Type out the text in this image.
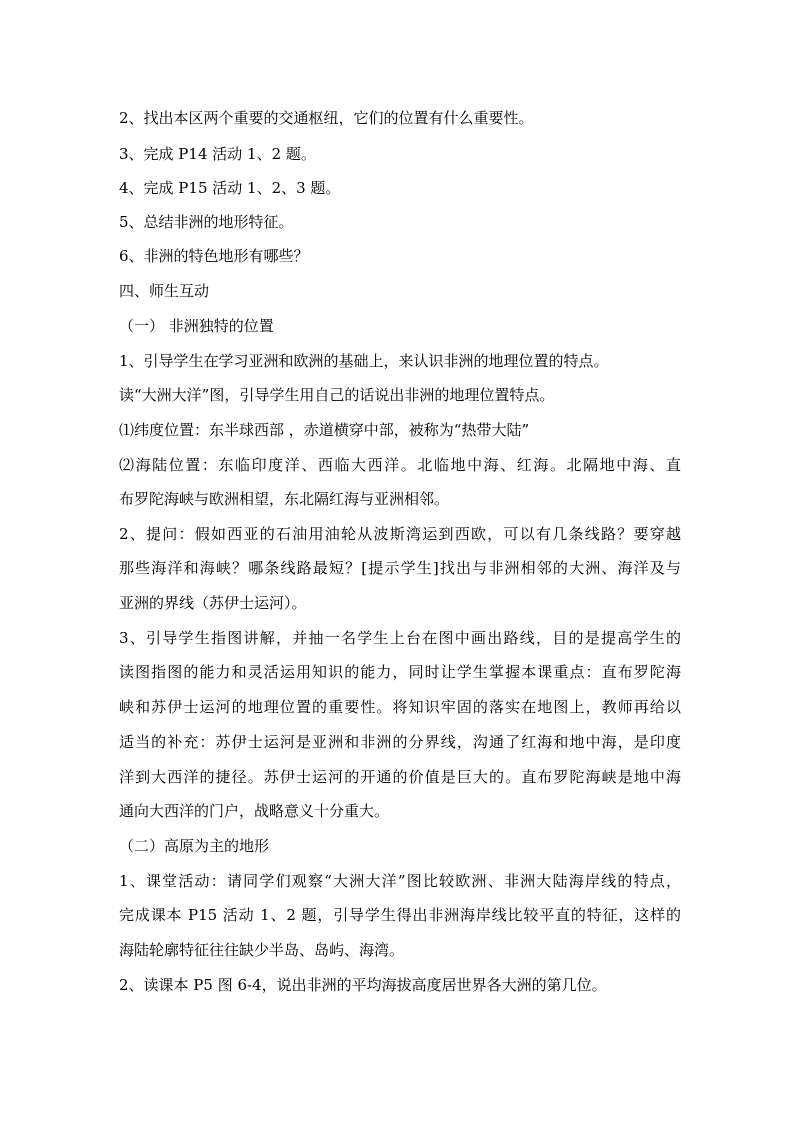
2、找出本区两个重要的交通枢纽，它们的位置有什么重要性。
3、完成 P14 活动 1、2 题。
4、完成 P15 活动 1、2、3 题。
5、总结非洲的地形特征。
6、非洲的特色地形有哪些？
四、师生互动
（一） 非洲独特的位置
1、引导学生在学习亚洲和欧洲的基础上，来认识非洲的地理位置的特点。
读“大洲大洋”图，引导学生用自己的话说出非洲的地理位置特点。
⑴纬度位置：东半球西部 ，赤道横穿中部，被称为“热带大陆”
⑵海陆位置：东临印度洋、西临大西洋。北临地中海、红海。北隔地中海、直
布罗陀海峡与欧洲相望，东北隔红海与亚洲相邻。
2、提问：假如西亚的石油用油轮从波斯湾运到西欧，可以有几条线路？要穿越
那些海洋和海峡？哪条线路最短？[提示学生]找出与非洲相邻的大洲、海洋及与
亚洲的界线（苏伊士运河）。
3、引导学生指图讲解，并抽一名学生上台在图中画出路线，目的是提高学生的
读图指图的能力和灵活运用知识的能力，同时让学生掌握本课重点：直布罗陀海
峡和苏伊士运河的地理位置的重要性。将知识牢固的落实在地图上，教师再给以
适当的补充：苏伊士运河是亚洲和非洲的分界线，沟通了红海和地中海，是印度
洋到大西洋的捷径。苏伊士运河的开通的价值是巨大的。直布罗陀海峡是地中海
通向大西洋的门户，战略意义十分重大。
（二）高原为主的地形
1、课堂活动：请同学们观察“大洲大洋”图比较欧洲、非洲大陆海岸线的特点，
完成课本 P15 活动 1、2 题，引导学生得出非洲海岸线比较平直的特征，这样的
海陆轮廓特征往往缺少半岛、岛屿、海湾。
2、读课本 P5 图 6-4，说出非洲的平均海拔高度居世界各大洲的第几位。
